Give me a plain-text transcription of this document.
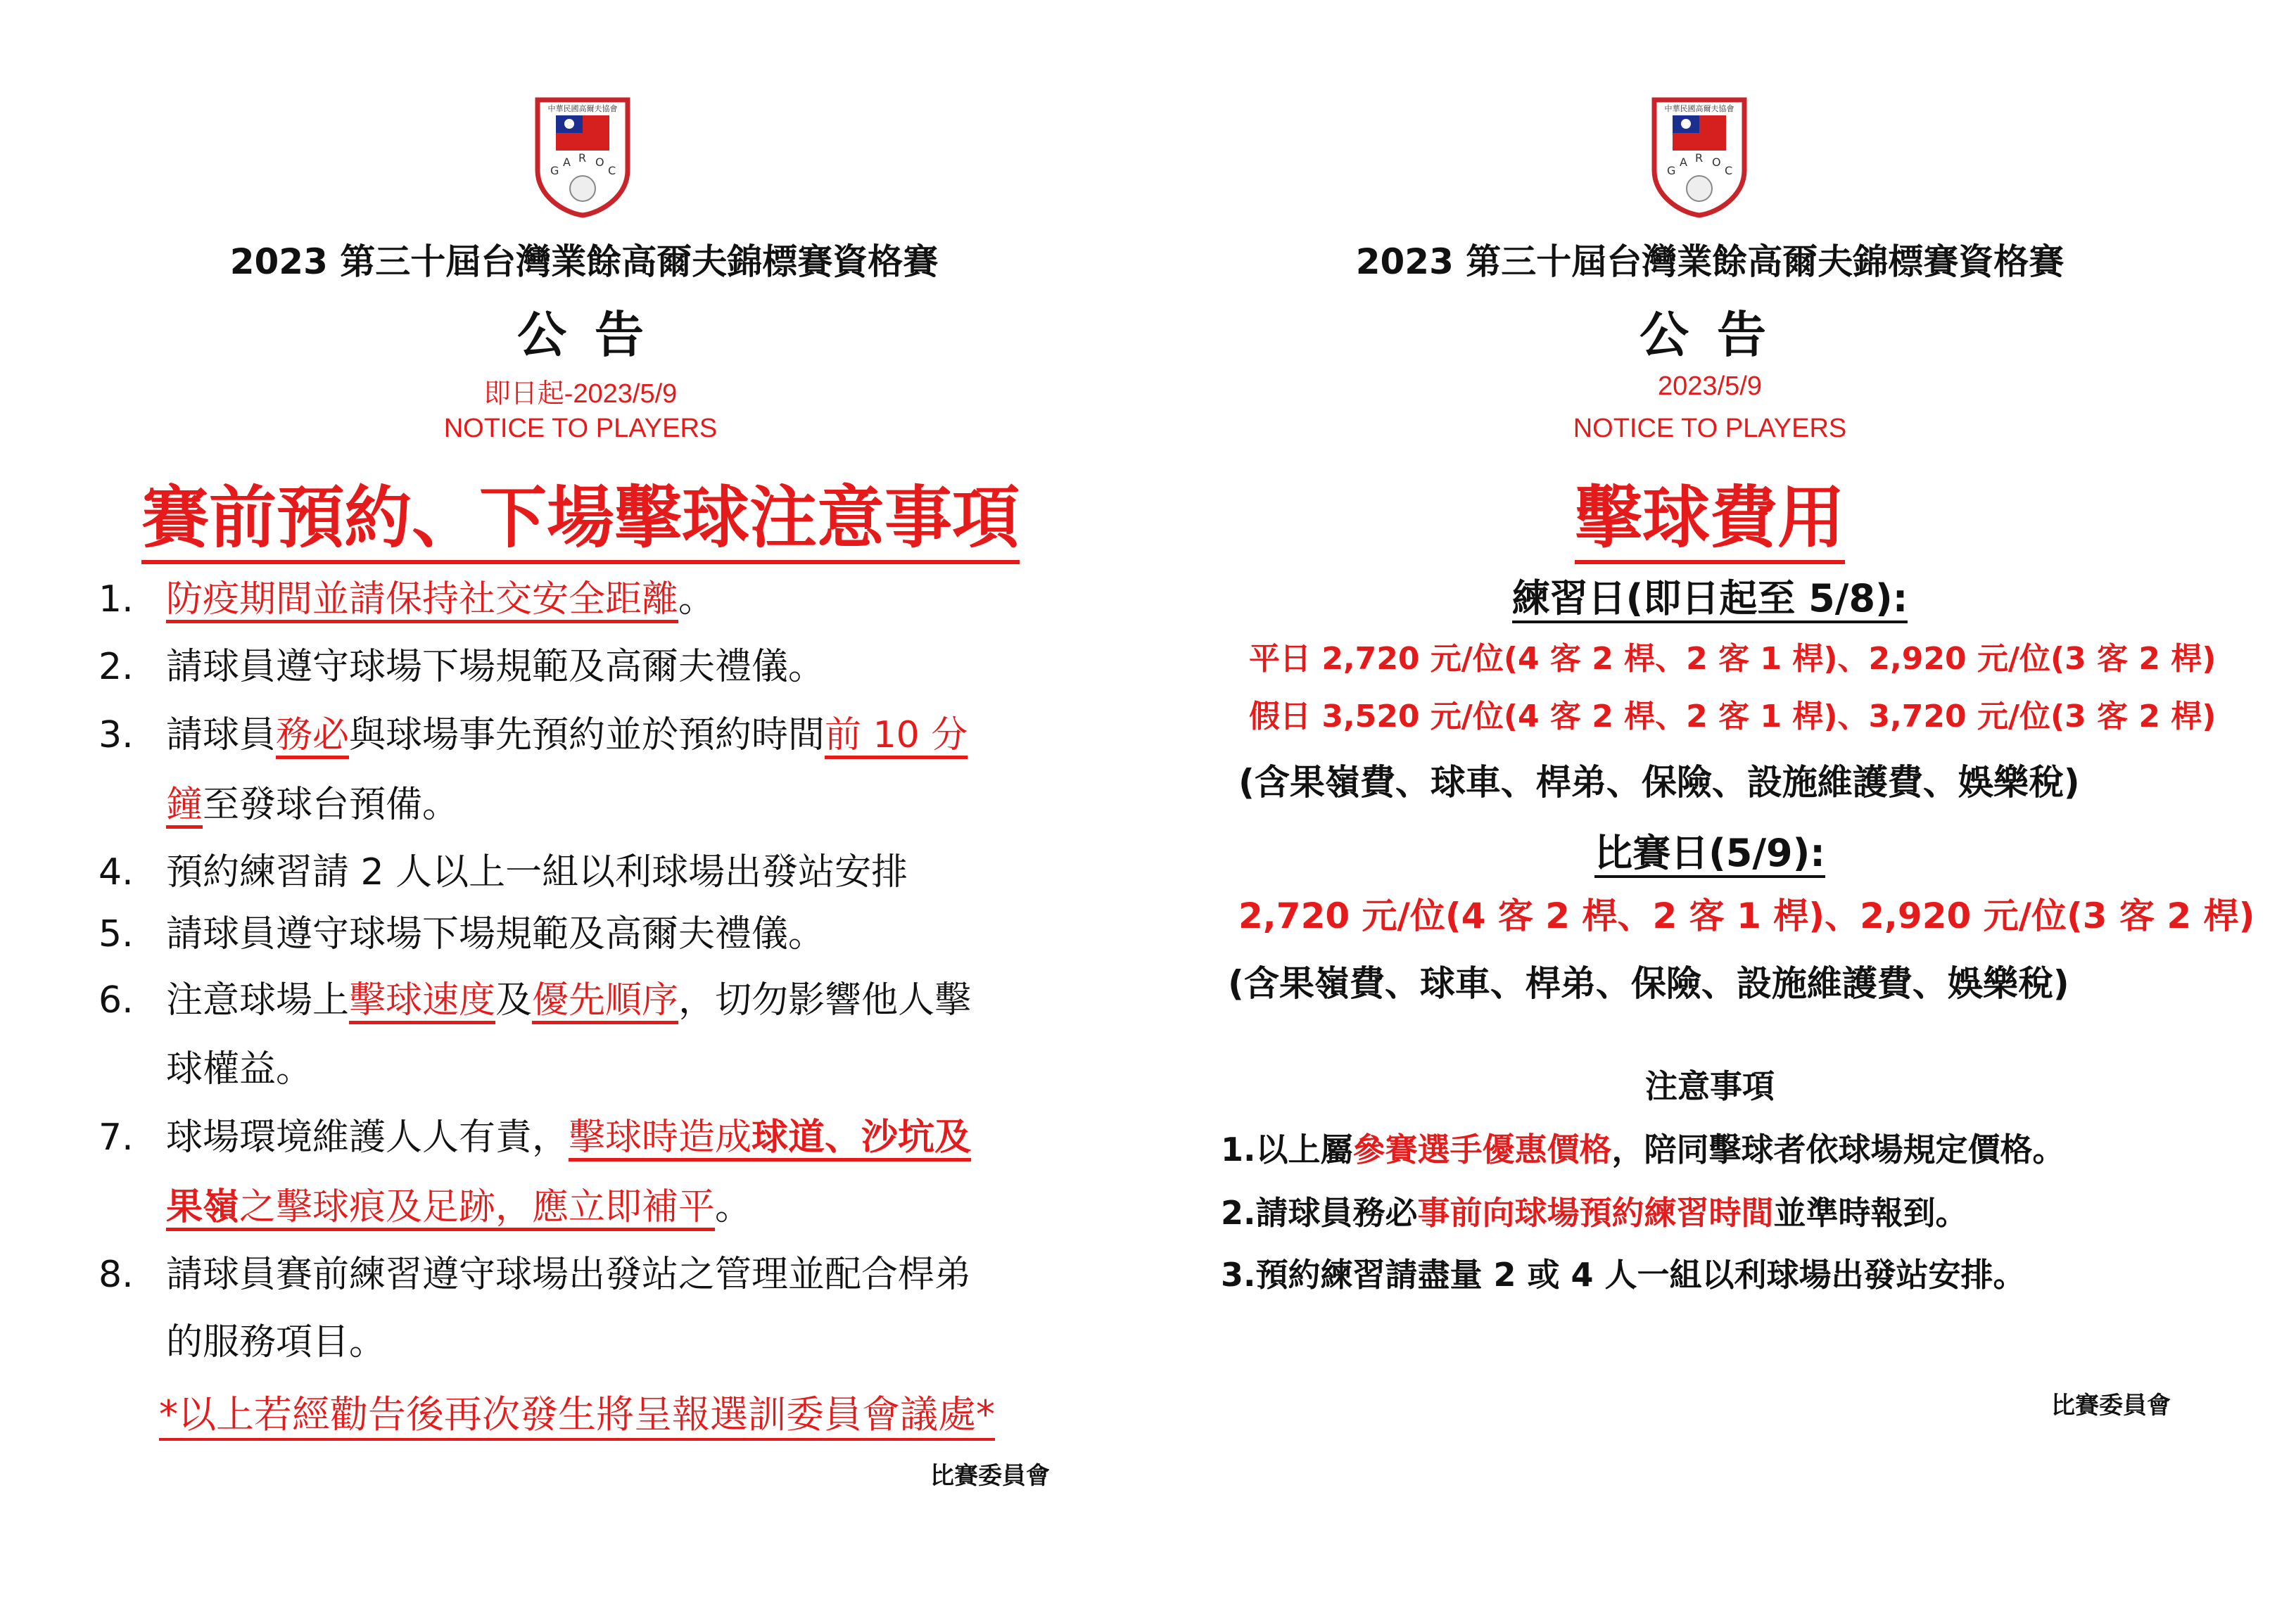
中華民國高爾夫協會
G
A R O
C
2023 第三十屆台灣業餘高爾夫錦標賽資格賽
公告
即日起-2023/5/9
NOTICE TO PLAYERS
賽前預約、下場擊球注意事項
1. 防疫期間並請保持社交安全距離。
2. 請球員遵守球場下場規範及高爾夫禮儀。
3. 請球員務必與球場事先預約並於預約時間前 10 分
鐘至發球台預備。
4. 預約練習請 2 人以上一組以利球場出發站安排
5. 請球員遵守球場下場規範及高爾夫禮儀。
6. 注意球場上擊球速度及優先順序，切勿影響他人擊
球權益。
7. 球場環境維護人人有責，擊球時造成球道、沙坑及
果嶺之擊球痕及足跡，應立即補平。
8. 請球員賽前練習遵守球場出發站之管理並配合桿弟
的服務項目。
*以上若經勸告後再次發生將呈報選訓委員會議處*
比賽委員會
中華民國高爾夫協會
G
A R O
C
2023 第三十屆台灣業餘高爾夫錦標賽資格賽
公告
2023/5/9
NOTICE TO PLAYERS
擊球費用
練習日(即日起至 5/8):
平日 2,720 元/位(4 客 2 桿、2 客 1 桿)、2,920 元/位(3 客 2 桿)
假日 3,520 元/位(4 客 2 桿、2 客 1 桿)、3,720 元/位(3 客 2 桿)
(含果嶺費、球車、桿弟、保險、設施維護費、娛樂稅)
比賽日(5/9):
2,720 元/位(4 客 2 桿、2 客 1 桿)、2,920 元/位(3 客 2 桿)
(含果嶺費、球車、桿弟、保險、設施維護費、娛樂稅)
注意事項
1.以上屬參賽選手優惠價格，陪同擊球者依球場規定價格。
2.請球員務必事前向球場預約練習時間並準時報到。
3.預約練習請盡量 2 或 4 人一組以利球場出發站安排。
比賽委員會
